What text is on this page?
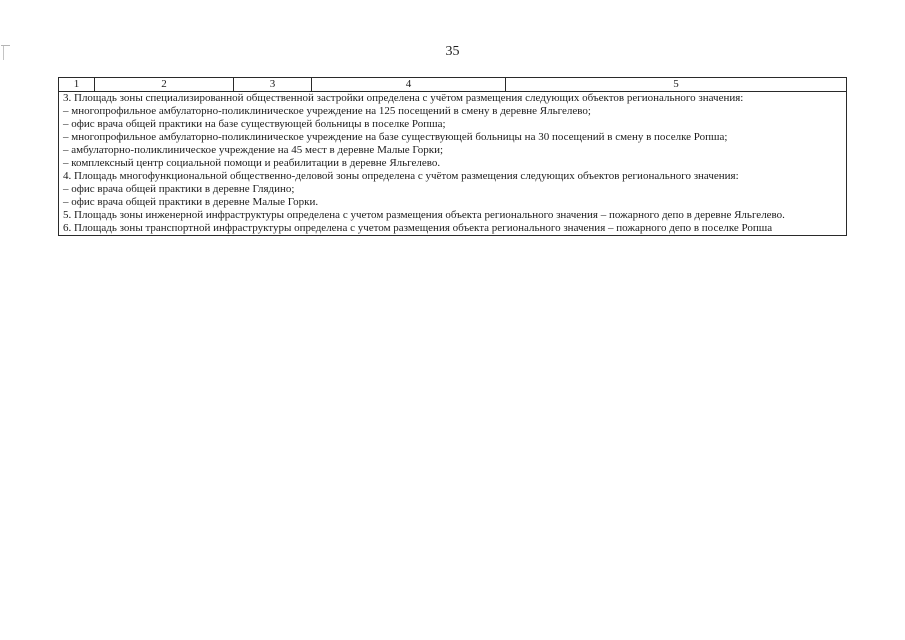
35
1	2	3	4	5

3. Площадь зоны специализированной общественной застройки определена с учётом размещения следующих объектов регионального значения:

– многопрофильное амбулаторно-поликлиническое учреждение на 125 посещений в смену в деревне Яльгелево;

– офис врача общей практики на базе существующей больницы в поселке Ропша;

– многопрофильное амбулаторно-поликлиническое учреждение на базе существующей больницы на 30 посещений в смену в поселке Ропша;

– амбулаторно-поликлиническое учреждение на 45 мест в деревне Малые Горки;

– комплексный центр социальной помощи и реабилитации в деревне Яльгелево.

4. Площадь многофункциональной общественно-деловой зоны определена с учётом размещения следующих объектов регионального значения:

– офис врача общей практики в деревне Глядино;

– офис врача общей практики в деревне Малые Горки.

5. Площадь зоны инженерной инфраструктуры определена с учетом размещения объекта регионального значения – пожарного депо в деревне Яльгелево.

6. Площадь зоны транспортной инфраструктуры определена с учетом размещения объекта регионального значения – пожарного депо в поселке Ропша
